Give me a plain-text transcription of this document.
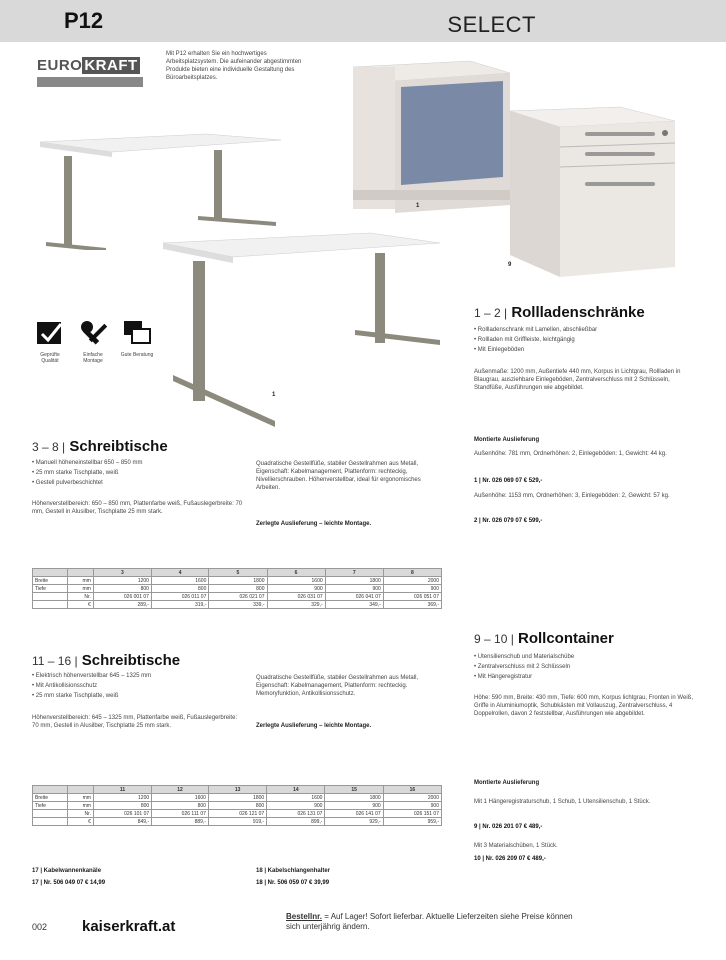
P12	SELECT
EURO KRAFT
Mit P12 erhalten Sie ein hochwertiges Arbeitsplatzsystem. Die aufeinander abgestimmten Produkte bieten eine individuelle Gestaltung des Büroarbeitsplatzes.
1
9
1
Geprüfte Qualität
Einfache Montage
Gute Beratung
1 – 2 | Rollladenschränke
• Rollladenschrank mit Lamellen, abschließbar
• Rollladen mit Griffleiste, leichtgängig
• Mit Einlegeböden
Außenmaße: 1200 mm, Außentiefe 440 mm, Korpus in Lichtgrau, Rollladen in Blaugrau, ausziehbare Einlegeböden, Zentralverschluss mit 2 Schlüsseln, Standfüße, Ausführungen wie abgebildet.
Montierte Auslieferung
Außenhöhe: 781 mm, Ordnerhöhen: 2, Einlegeböden: 1, Gewicht: 44 kg.
1 | Nr. 026 069 07 € 529,-
Außenhöhe: 1153 mm, Ordnerhöhen: 3, Einlegeböden: 2, Gewicht: 57 kg.
2 | Nr. 026 079 07 € 599,-
3 – 8 | Schreibtische
• Manuell höheneinstellbar 650 – 850 mm
• 25 mm starke Tischplatte, weiß
• Gestell pulverbeschichtet
Höhenverstellbereich: 650 – 850 mm, Plattenfarbe weiß, Fußauslegerbreite: 70 mm, Gestell in Alusilber, Tischplatte 25 mm stark.
Quadratische Gestellfüße, stabiler Gestellrahmen aus Metall, Eigenschaft: Kabelmanagement, Plattenform: rechteckig, Nivellierschrauben. Höhenverstellbar, ideal für ergonomisches Arbeiten.
Zerlegte Auslieferung – leichte Montage.
		3	4	5	6	7	8
Breite	mm	1200	1600	1800	1600	1800	2000
Tiefe	mm	800	800	800	900	900	900
	Nr.	026 001 07	026 011 07	026 021 07	026 031 07	026 041 07	026 051 07
	€	289,-	319,-	339,-	329,-	349,-	369,-
9 – 10 | Rollcontainer
• Utensilienschub und Materialschübe
• Zentralverschluss mit 2 Schlüsseln
• Mit Hängeregistratur
Höhe: 590 mm, Breite: 430 mm, Tiefe: 600 mm, Korpus lichtgrau, Fronten in Weiß, Griffe in Aluminiumoptik, Schubkästen mit Vollauszug, Zentralverschluss, 4 Doppelrollen, davon 2 feststellbar, Ausführungen wie abgebildet.
Montierte Auslieferung
Mit 1 Hängeregistraturschub, 1 Schub, 1 Utensilienschub, 1 Stück.
9 | Nr. 026 201 07 € 489,-
Mit 3 Materialschüben, 1 Stück.
10 | Nr. 026 209 07 € 489,-
11 – 16 | Schreibtische
• Elektrisch höhenverstellbar 645 – 1325 mm
• Mit Antikollisionsschutz
• 25 mm starke Tischplatte, weiß
Höhenverstellbereich: 645 – 1325 mm, Plattenfarbe weiß, Fußauslegerbreite: 70 mm, Gestell in Alusilber, Tischplatte 25 mm stark.
Quadratische Gestellfüße, stabiler Gestellrahmen aus Metall, Eigenschaft: Kabelmanagement, Plattenform: rechteckig. Memoryfunktion, Antikollisionsschutz.
Zerlegte Auslieferung – leichte Montage.
		11	12	13	14	15	16
Breite	mm	1200	1600	1800	1600	1800	2000
Tiefe	mm	800	800	800	900	900	900
	Nr.	026 101 07	026 111 07	026 121 07	026 131 07	026 141 07	026 151 07
	€	849,-	889,-	919,-	899,-	929,-	959,-
17 | Kabelwannenkanäle
17 | Nr. 506 049 07 € 14,99
18 | Kabelschlangenhalter
18 | Nr. 506 059 07 € 39,99
002 kaiserkraft.at
Bestellnr. = Auf Lager! Sofort lieferbar. Aktuelle Lieferzeiten siehe Preise können sich unterjährig ändern.
